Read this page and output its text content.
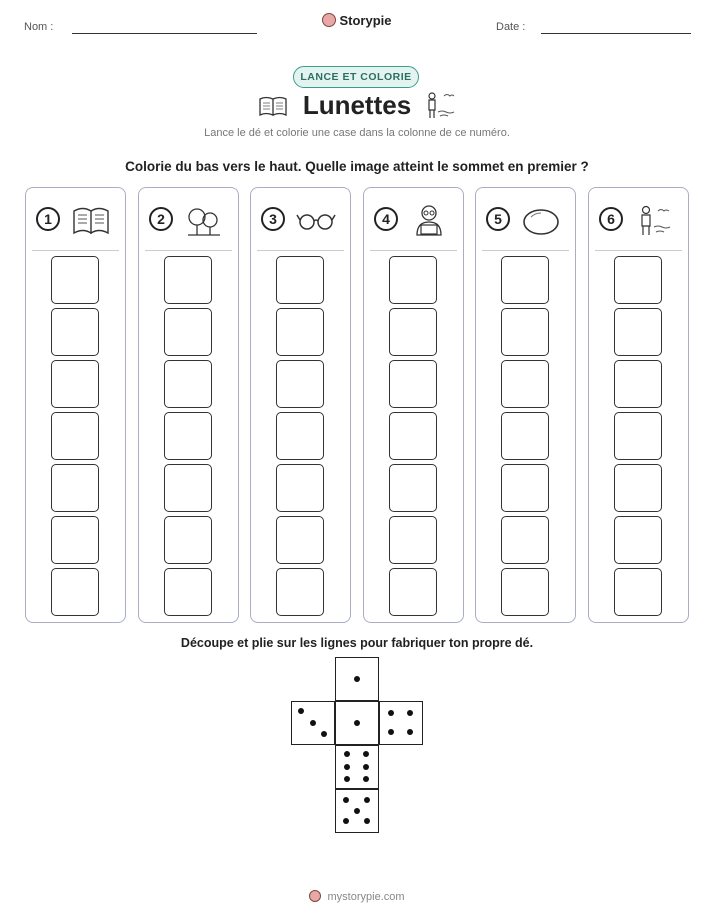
Nom :	Storypie	Date :
LANCE ET COLORIE
Lunettes
Lance le dé et colorie une case dans la colonne de ce numéro.
Colorie du bas vers le haut. Quelle image atteint le sommet en premier ?
1	2	3	4	5	6
Découpe et plie sur les lignes pour fabriquer ton propre dé.
mystorypie.com
